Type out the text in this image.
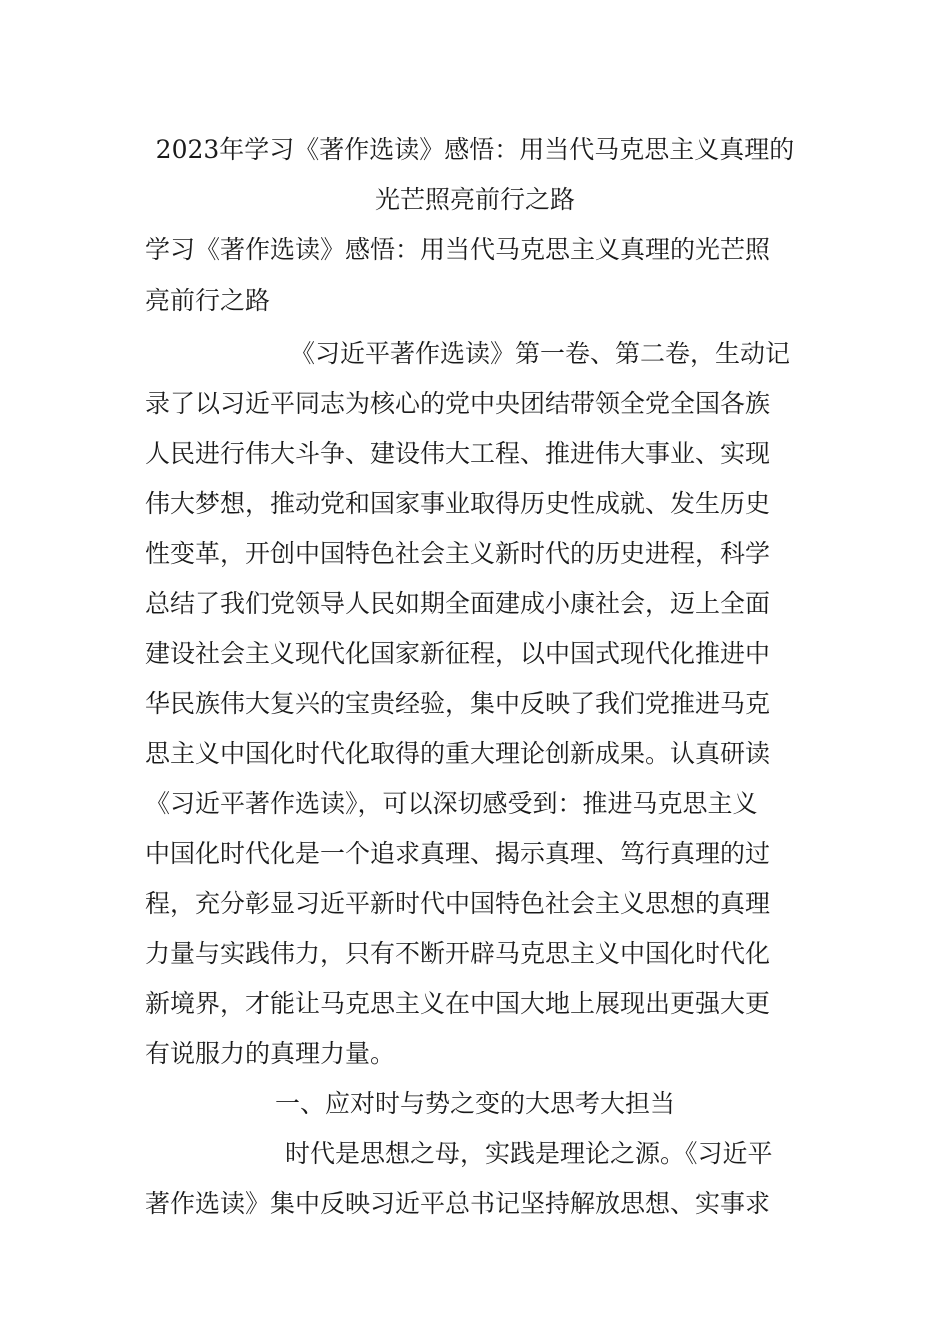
2023年学习《著作选读》感悟：用当代马克思主义真理的
光芒照亮前行之路
学习《著作选读》感悟：用当代马克思主义真理的光芒照
亮前行之路
《习近平著作选读》第一卷、第二卷，生动记
录了以习近平同志为核心的党中央团结带领全党全国各族
人民进行伟大斗争、建设伟大工程、推进伟大事业、实现
伟大梦想，推动党和国家事业取得历史性成就、发生历史
性变革，开创中国特色社会主义新时代的历史进程，科学
总结了我们党领导人民如期全面建成小康社会，迈上全面
建设社会主义现代化国家新征程，以中国式现代化推进中
华民族伟大复兴的宝贵经验，集中反映了我们党推进马克
思主义中国化时代化取得的重大理论创新成果。认真研读
《习近平著作选读》，可以深切感受到：推进马克思主义
中国化时代化是一个追求真理、揭示真理、笃行真理的过
程，充分彰显习近平新时代中国特色社会主义思想的真理
力量与实践伟力，只有不断开辟马克思主义中国化时代化
新境界，才能让马克思主义在中国大地上展现出更强大更
有说服力的真理力量。
一、应对时与势之变的大思考大担当
时代是思想之母，实践是理论之源。《习近平
著作选读》集中反映习近平总书记坚持解放思想、实事求
